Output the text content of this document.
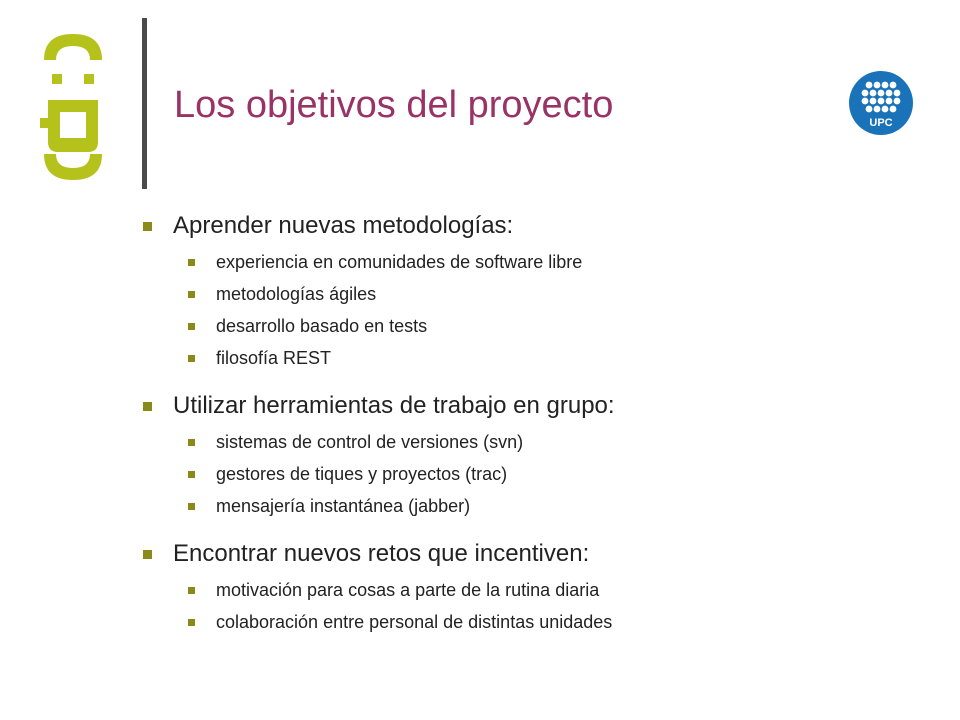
Los objetivos del proyecto	UPC
Aprender nuevas metodologías:
experiencia en comunidades de software libre
metodologías ágiles
desarrollo basado en tests
filosofía REST
Utilizar herramientas de trabajo en grupo:
sistemas de control de versiones (svn)
gestores de tiques y proyectos (trac)
mensajería instantánea (jabber)
Encontrar nuevos retos que incentiven:
motivación para cosas a parte de la rutina diaria
colaboración entre personal de distintas unidades
